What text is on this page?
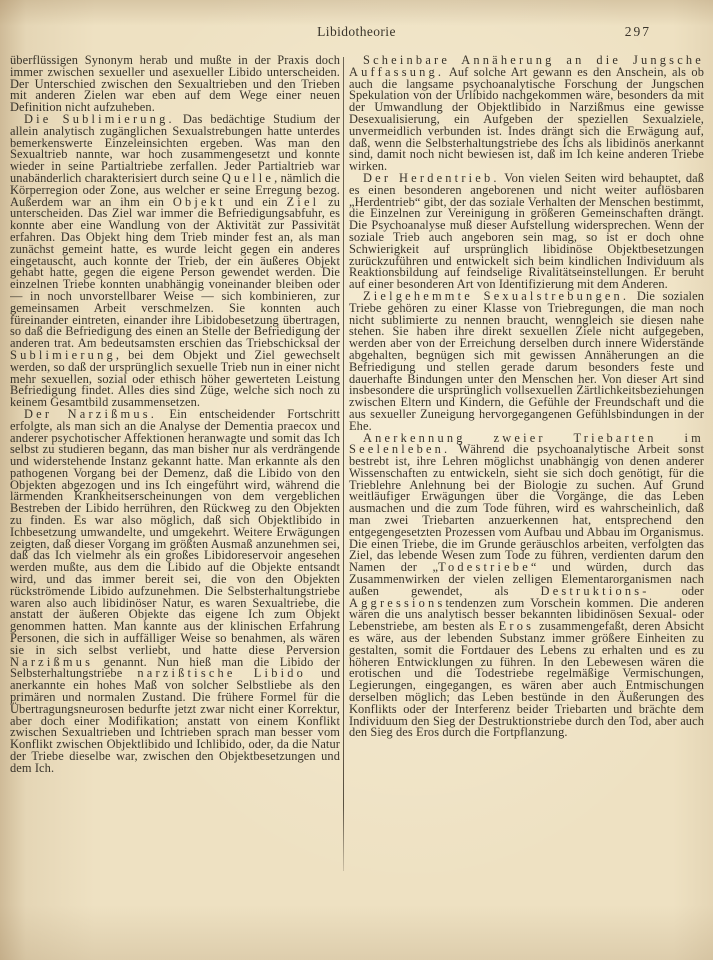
Libidotheorie	297

überflüssigen Synonym herab und mußte in der Praxis doch immer zwischen sexueller und asexueller Libido unterscheiden. Der Unterschied zwischen den Sexualtrieben und den Trieben mit anderen Zielen war eben auf dem Wege einer neuen Definition nicht aufzuheben.

Die Sublimierung. Das bedächtige Studium der allein analytisch zugänglichen Sexualstrebungen hatte unterdes bemerkenswerte Einzeleinsichten ergeben. Was man den Sexualtrieb nannte, war hoch zusammengesetzt und konnte wieder in seine Partialtriebe zerfallen. Jeder Partialtrieb war unabänderlich charakterisiert durch seine Quelle, nämlich die Körperregion oder Zone, aus welcher er seine Erregung bezog. Außerdem war an ihm ein Objekt und ein Ziel zu unterscheiden. Das Ziel war immer die Befriedigungsabfuhr, es konnte aber eine Wandlung von der Aktivität zur Passivität erfahren. Das Objekt hing dem Trieb minder fest an, als man zunächst gemeint hatte, es wurde leicht gegen ein anderes eingetauscht, auch konnte der Trieb, der ein äußeres Objekt gehabt hatte, gegen die eigene Person gewendet werden. Die einzelnen Triebe konnten unabhängig voneinander bleiben oder — in noch unvorstellbarer Weise — sich kombinieren, zur gemeinsamen Arbeit verschmelzen. Sie konnten auch füreinander eintreten, einander ihre Libidobesetzung übertragen, so daß die Befriedigung des einen an Stelle der Befriedigung der anderen trat. Am bedeutsamsten erschien das Triebschicksal der Sublimierung, bei dem Objekt und Ziel gewechselt werden, so daß der ursprünglich sexuelle Trieb nun in einer nicht mehr sexuellen, sozial oder ethisch höher gewerteten Leistung Befriedigung findet. Alles dies sind Züge, welche sich noch zu keinem Gesamtbild zusammensetzen.

Der Narzißmus. Ein entscheidender Fortschritt erfolgte, als man sich an die Analyse der Dementia praecox und anderer psychotischer Affektionen heranwagte und somit das Ich selbst zu studieren begann, das man bisher nur als verdrängende und widerstehende Instanz gekannt hatte. Man erkannte als den pathogenen Vorgang bei der Demenz, daß die Libido von den Objekten abgezogen und ins Ich eingeführt wird, während die lärmenden Krankheitserscheinungen von dem vergeblichen Bestreben der Libido herrühren, den Rückweg zu den Objekten zu finden. Es war also möglich, daß sich Objektlibido in Ichbesetzung umwandelte, und umgekehrt. Weitere Erwägungen zeigten, daß dieser Vorgang im größten Ausmaß anzunehmen sei, daß das Ich vielmehr als ein großes Libidoreservoir angesehen werden mußte, aus dem die Libido auf die Objekte entsandt wird, und das immer bereit sei, die von den Objekten rückströmende Libido aufzunehmen. Die Selbsterhaltungstriebe waren also auch libidinöser Natur, es waren Sexualtriebe, die anstatt der äußeren Objekte das eigene Ich zum Objekt genommen hatten. Man kannte aus der klinischen Erfahrung Personen, die sich in auffälliger Weise so benahmen, als wären sie in sich selbst verliebt, und hatte diese Perversion Narzißmus genannt. Nun hieß man die Libido der Selbsterhaltungstriebe narzißtische Libido und anerkannte ein hohes Maß von solcher Selbstliebe als den primären und normalen Zustand. Die frühere Formel für die Übertragungsneurosen bedurfte jetzt zwar nicht einer Korrektur, aber doch einer Modifikation; anstatt von einem Konflikt zwischen Sexualtrieben und Ichtrieben sprach man besser vom Konflikt zwischen Objektlibido und Ichlibido, oder, da die Natur der Triebe dieselbe war, zwischen den Objektbesetzungen und dem Ich.

Scheinbare Annäherung an die Jungsche Auffassung. Auf solche Art gewann es den Anschein, als ob auch die langsame psychoanalytische Forschung der Jungschen Spekulation von der Urlibido nachgekommen wäre, besonders da mit der Umwandlung der Objektlibido in Narzißmus eine gewisse Desexualisierung, ein Aufgeben der speziellen Sexualziele, unvermeidlich verbunden ist. Indes drängt sich die Erwägung auf, daß, wenn die Selbsterhaltungstriebe des Ichs als libidinös anerkannt sind, damit noch nicht bewiesen ist, daß im Ich keine anderen Triebe wirken.

Der Herdentrieb. Von vielen Seiten wird behauptet, daß es einen besonderen angeborenen und nicht weiter auflösbaren „Herdentrieb“ gibt, der das soziale Verhalten der Menschen bestimmt, die Einzelnen zur Vereinigung in größeren Gemeinschaften drängt. Die Psychoanalyse muß dieser Aufstellung widersprechen. Wenn der soziale Trieb auch angeboren sein mag, so ist er doch ohne Schwierigkeit auf ursprünglich libidinöse Objektbesetzungen zurückzuführen und entwickelt sich beim kindlichen Individuum als Reaktionsbildung auf feindselige Rivalitätseinstellungen. Er beruht auf einer besonderen Art von Identifizierung mit dem Anderen.

Zielgehemmte Sexualstrebungen. Die sozialen Triebe gehören zu einer Klasse von Triebregungen, die man noch nicht sublimierte zu nennen braucht, wenngleich sie diesen nahe stehen. Sie haben ihre direkt sexuellen Ziele nicht aufgegeben, werden aber von der Erreichung derselben durch innere Widerstände abgehalten, begnügen sich mit gewissen Annäherungen an die Befriedigung und stellen gerade darum besonders feste und dauerhafte Bindungen unter den Menschen her. Von dieser Art sind insbesondere die ursprünglich vollsexuellen Zärtlichkeitsbeziehungen zwischen Eltern und Kindern, die Gefühle der Freundschaft und die aus sexueller Zuneigung hervorgegangenen Gefühlsbindungen in der Ehe.

Anerkennung zweier Triebarten im Seelenleben. Während die psychoanalytische Arbeit sonst bestrebt ist, ihre Lehren möglichst unabhängig von denen anderer Wissenschaften zu entwickeln, sieht sie sich doch genötigt, für die Trieblehre Anlehnung bei der Biologie zu suchen. Auf Grund weitläufiger Erwägungen über die Vorgänge, die das Leben ausmachen und die zum Tode führen, wird es wahrscheinlich, daß man zwei Triebarten anzuerkennen hat, entsprechend den entgegengesetzten Prozessen vom Aufbau und Abbau im Organismus. Die einen Triebe, die im Grunde geräuschlos arbeiten, verfolgten das Ziel, das lebende Wesen zum Tode zu führen, verdienten darum den Namen der „Todestriebe“ und würden, durch das Zusammenwirken der vielen zelligen Elementarorganismen nach außen gewendet, als Destruktions- oder Aggressionstendenzen zum Vorschein kommen. Die anderen wären die uns analytisch besser bekannten libidinösen Sexual- oder Lebenstriebe, am besten als Eros zusammengefaßt, deren Absicht es wäre, aus der lebenden Substanz immer größere Einheiten zu gestalten, somit die Fortdauer des Lebens zu erhalten und es zu höheren Entwicklungen zu führen. In den Lebewesen wären die erotischen und die Todestriebe regelmäßige Vermischungen, Legierungen, eingegangen, es wären aber auch Entmischungen derselben möglich; das Leben bestünde in den Äußerungen des Konflikts oder der Interferenz beider Triebarten und brächte dem Individuum den Sieg der Destruktionstriebe durch den Tod, aber auch den Sieg des Eros durch die Fortpflanzung.
